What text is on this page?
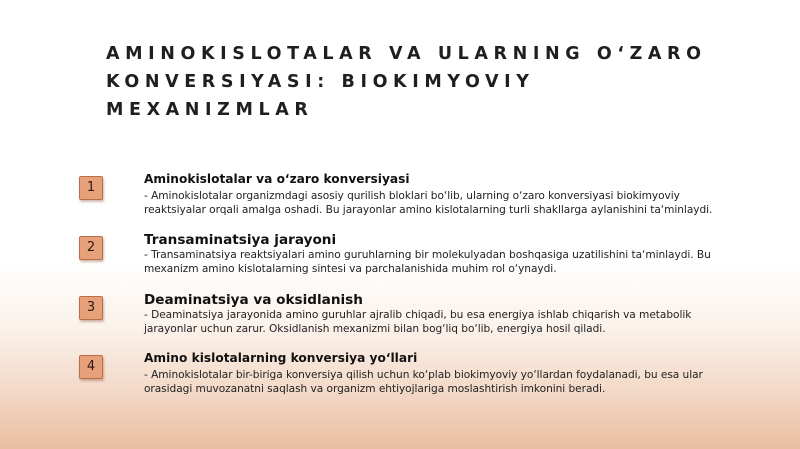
AMINOKISLOTALAR VA ULARNING O‘ZARO KONVERSIYASI: BIOKIMYOVIY MEXANIZMLAR
1
Aminokislotalar va o‘zaro konversiyasi
- Aminokislotalar organizmdagi asosiy qurilish bloklari bo‘lib, ularning o‘zaro konversiyasi biokimyoviy reaktsiyalar orqali amalga oshadi. Bu jarayonlar amino kislotalarning turli shakllarga aylanishini ta‘minlaydi.
2	Transaminatsiya jarayoni
- Transaminatsiya reaktsiyalari amino guruhlarning bir molekulyadan boshqasiga uzatilishini ta‘minlaydi. Bu mexanizm amino kislotalarning sintesi va parchalanishida muhim rol o‘ynaydi.
3	Deaminatsiya va oksidlanish
- Deaminatsiya jarayonida amino guruhlar ajralib chiqadi, bu esa energiya ishlab chiqarish va metabolik jarayonlar uchun zarur. Oksidlanish mexanizmi bilan bog‘liq bo‘lib, energiya hosil qiladi.
4
Amino kislotalarning konversiya yo‘llari
- Aminokislotalar bir-biriga konversiya qilish uchun ko‘plab biokimyoviy yo‘llardan foydalanadi, bu esa ular orasidagi muvozanatni saqlash va organizm ehtiyojlariga moslashtirish imkonini beradi.
